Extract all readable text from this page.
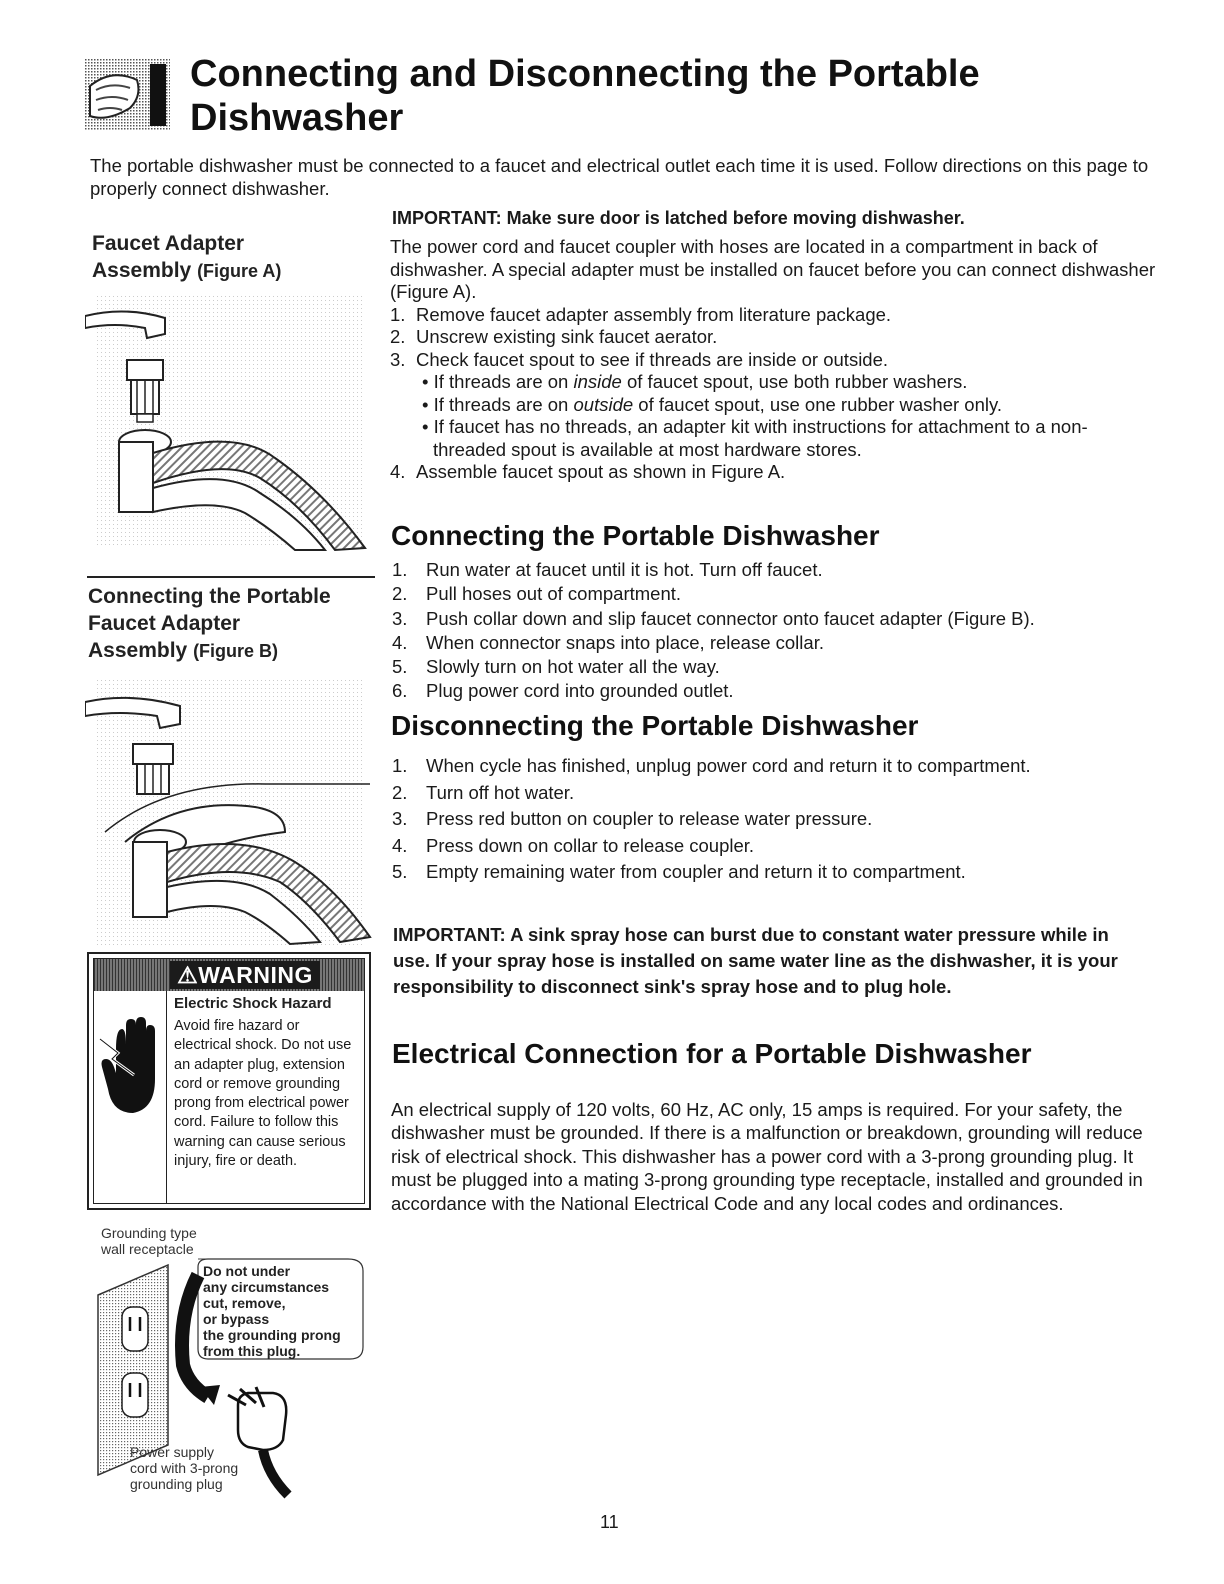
Connecting and Disconnecting the Portable
Dishwasher
The portable dishwasher must be connected to a faucet and electrical outlet each time it is used. Follow directions on this page to properly connect dishwasher.
Faucet Adapter
Assembly (Figure A)
Connecting the Portable
Faucet Adapter
Assembly (Figure B)
⚠WARNING
Electric Shock Hazard
Avoid fire hazard or electrical shock. Do not use an adapter plug, extension cord or remove grounding prong from electrical power cord. Failure to follow this warning can cause serious injury, fire or death.
Grounding type
wall receptacle
Do not under
any circumstances
cut, remove,
or bypass
the grounding prong
from this plug.
Power supply
cord with 3-prong
grounding plug
IMPORTANT: Make sure door is latched before moving dishwasher.
The power cord and faucet coupler with hoses are located in a compartment in back of dishwasher. A special adapter must be installed on faucet before you can connect dishwasher (Figure A).
1. Remove faucet adapter assembly from literature package.
2. Unscrew existing sink faucet aerator.
3. Check faucet spout to see if threads are inside or outside.
• If threads are on inside of faucet spout, use both rubber washers.
• If threads are on outside of faucet spout, use one rubber washer only.
• If faucet has no threads, an adapter kit with instructions for attachment to a non-threaded spout is available at most hardware stores.
4. Assemble faucet spout as shown in Figure A.
Connecting the Portable Dishwasher
1. Run water at faucet until it is hot. Turn off faucet.
2. Pull hoses out of compartment.
3. Push collar down and slip faucet connector onto faucet adapter (Figure B).
4. When connector snaps into place, release collar.
5. Slowly turn on hot water all the way.
6. Plug power cord into grounded outlet.
Disconnecting the Portable Dishwasher
1. When cycle has finished, unplug power cord and return it to compartment.
2. Turn off hot water.
3. Press red button on coupler to release water pressure.
4. Press down on collar to release coupler.
5. Empty remaining water from coupler and return it to compartment.
IMPORTANT: A sink spray hose can burst due to constant water pressure while in use. If your spray hose is installed on same water line as the dishwasher, it is your responsibility to disconnect sink's spray hose and to plug hole.
Electrical Connection for a Portable Dishwasher
An electrical supply of 120 volts, 60 Hz, AC only, 15 amps is required. For your safety, the dishwasher must be grounded. If there is a malfunction or breakdown, grounding will reduce risk of electrical shock. This dishwasher has a power cord with a 3-prong grounding plug. It must be plugged into a mating 3-prong grounding type receptacle, installed and grounded in accordance with the National Electrical Code and any local codes and ordinances.
11
